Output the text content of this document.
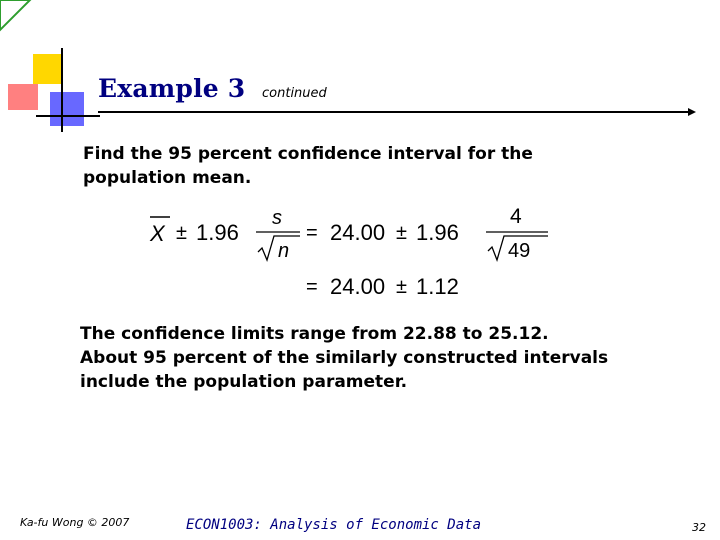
Example 3 continued

Find the 95 percent confidence interval for the
population mean.

X ± 1.96
s
n
= 24.00 ± 1.96
4
49
= 24.00 ± 1.12

The confidence limits range from 22.88 to 25.12.
About 95 percent of the similarly constructed intervals
include the population parameter.

Ka-fu Wong © 2007	ECON1003: Analysis of Economic Data	32
